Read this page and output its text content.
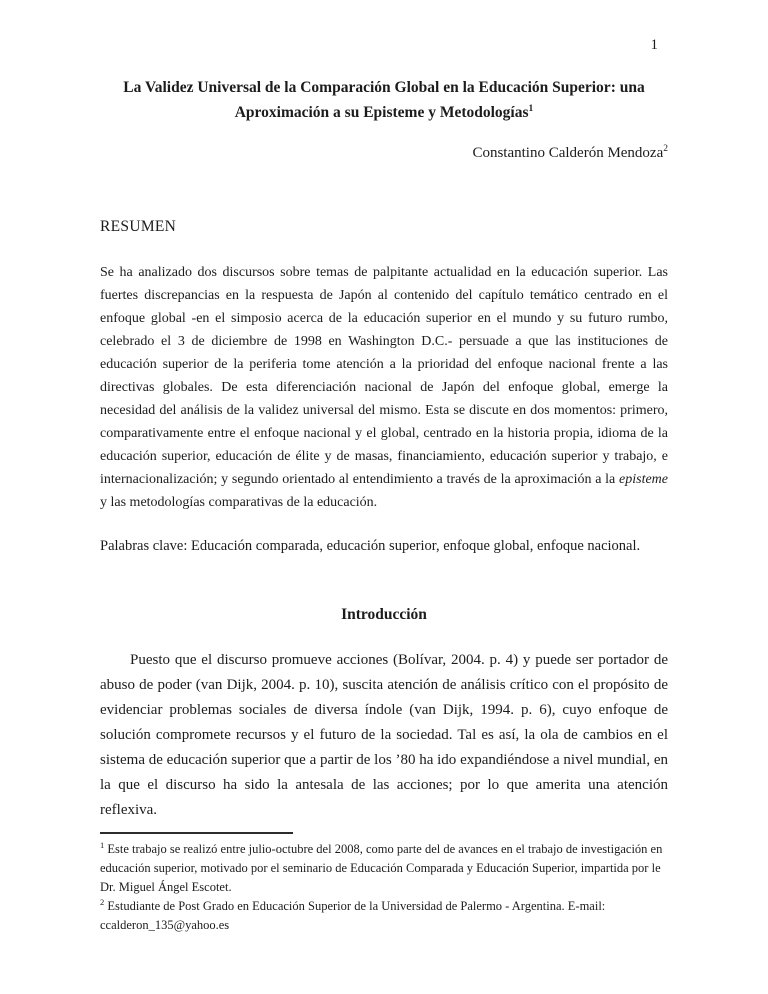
1
La Validez Universal de la Comparación Global en la Educación Superior: una
Aproximación a su Episteme y Metodologías$^1$
Constantino Calderón Mendoza$^2$
RESUMEN

Se ha analizado dos discursos sobre temas de palpitante actualidad en la educación superior. Las fuertes discrepancias en la respuesta de Japón al contenido del capítulo temático centrado en el enfoque global -en el simposio acerca de la educación superior en el mundo y su futuro rumbo, celebrado el 3 de diciembre de 1998 en Washington D.C.- persuade a que las instituciones de educación superior de la periferia tome atención a la prioridad del enfoque nacional frente a las directivas globales. De esta diferenciación nacional de Japón del enfoque global, emerge la necesidad del análisis de la validez universal del mismo. Esta se discute en dos momentos: primero, comparativamente entre el enfoque nacional y el global, centrado en la historia propia, idioma de la educación superior, educación de élite y de masas, financiamiento, educación superior y trabajo, e internacionalización; y segundo orientado al entendimiento a través de la aproximación a la episteme y las metodologías comparativas de la educación.

Palabras clave: Educación comparada, educación superior, enfoque global, enfoque nacional.

Introducción

Puesto que el discurso promueve acciones (Bolívar, 2004. p. 4) y puede ser portador de abuso de poder (van Dijk, 2004. p. 10), suscita atención de análisis crítico con el propósito de evidenciar problemas sociales de diversa índole (van Dijk, 1994. p. 6), cuyo enfoque de solución compromete recursos y el futuro de la sociedad. Tal es así, la ola de cambios en el sistema de educación superior que a partir de los ’80 ha ido expandiéndose a nivel mundial, en la que el discurso ha sido la antesala de las acciones; por lo que amerita una atención reflexiva.

$^1$ Este trabajo se realizó entre julio-octubre del 2008, como parte del de avances en el trabajo de investigación en educación superior, motivado por el seminario de Educación Comparada y Educación Superior, impartida por le Dr. Miguel Ángel Escotet.

$^2$ Estudiante de Post Grado en Educación Superior de la Universidad de Palermo - Argentina. E-mail: ccalderon_135@yahoo.es
